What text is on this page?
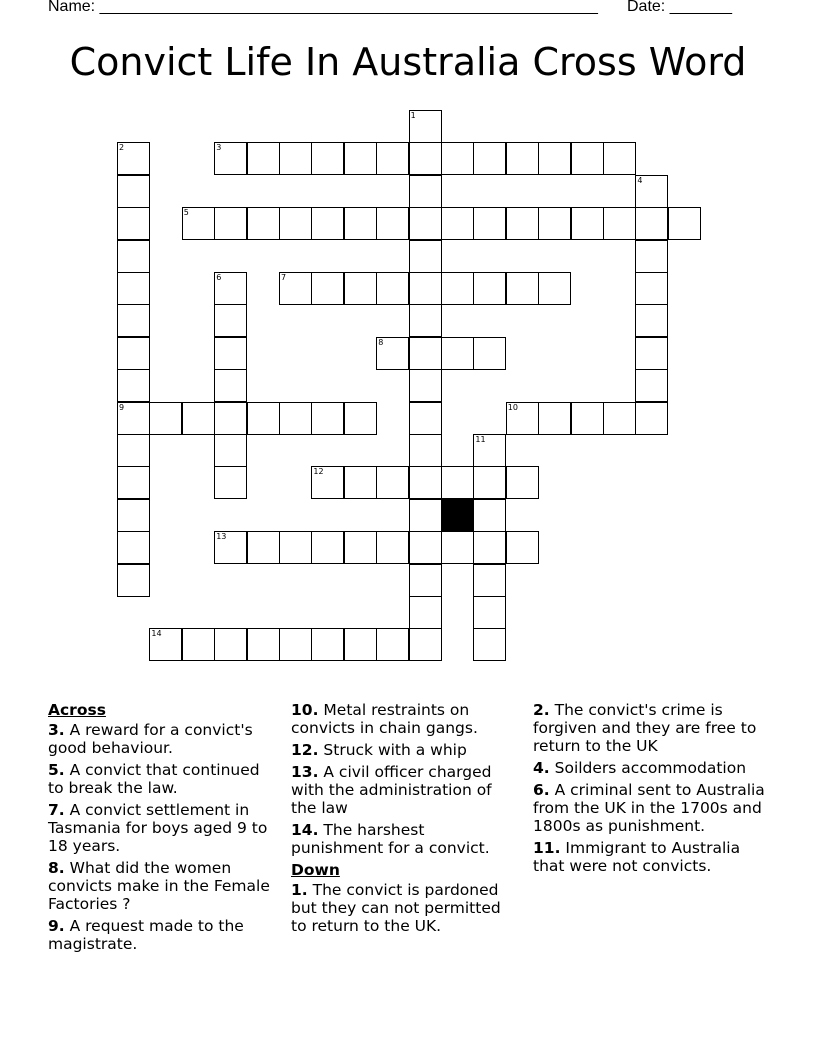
Name: ________________________________________________________ Date: _______
Convict Life In Australia Cross Word
1
2	3
4
5
6	7
8
9	10
11
12
13
14
Across

3. A reward for a convict's good behaviour.

5. A convict that continued to break the law.

7. A convict settlement in Tasmania for boys aged 9 to 18 years.

8. What did the women convicts make in the Female Factories ?

9. A request made to the magistrate.

10. Metal restraints on convicts in chain gangs.

12. Struck with a whip

13. A civil officer charged with the administration of the law

14. The harshest punishment for a convict.

Down

1. The convict is pardoned but they can not permitted to return to the UK.

2. The convict's crime is forgiven and they are free to return to the UK

4. Soilders accommodation

6. A criminal sent to Australia from the UK in the 1700s and 1800s as punishment.

11. Immigrant to Australia that were not convicts.
